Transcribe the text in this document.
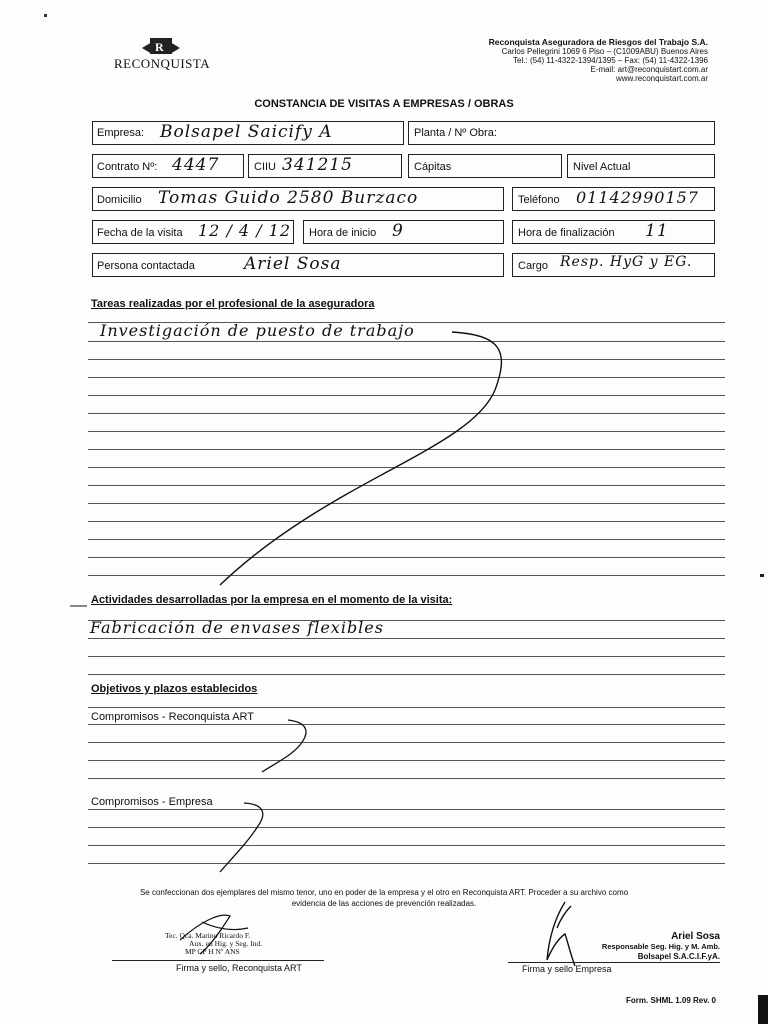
R
RECONQUISTA
Reconquista Aseguradora de Riesgos del Trabajo S.A.
Carlos Pellegrini 1069 6 Piso – (C1009ABU) Buenos Aires
Tel.: (54) 11-4322-1394/1395 – Fax: (54) 11-4322-1396
E-mail: art@reconquistart.com.ar
www.reconquistart.com.ar
CONSTANCIA DE VISITAS A EMPRESAS / OBRAS
Empresa: Bolsapel Saicify A	Planta / Nº Obra:
Contrato Nº: 4447	CIIU 341215	Cápitas	Nivel Actual
Domicilio Tomas Guido 2580 Burzaco	Teléfono 01142990157
Fecha de la visita 12 / 4 / 12 Hora de inicio 9	Hora de finalización 11
Persona contactada	Ariel Sosa	Cargo Resp. HyG y EG.
Tareas realizadas por el profesional de la aseguradora
Investigación de puesto de trabajo
Actividades desarrolladas por la empresa en el momento de la visita:
Fabricación de envases flexibles
Objetivos y plazos establecidos
Compromisos - Reconquista ART
Compromisos - Empresa
Se confeccionan dos ejemplares del mismo tenor, uno en poder de la empresa y el otro en Reconquista ART. Proceder a su archivo como
evidencia de las acciones de prevención realizadas.
Tec. Qca. Marino Ricardo F.
Aux. en Hig. y Seg. Ind.
MP CP H Nº ANS
Firma y sello, Reconquista ART
Ariel Sosa
Responsable Seg. Hig. y M. Amb.
Bolsapel S.A.C.I.F.yA.
Firma y sello Empresa
Form. SHML 1.09 Rev. 0
